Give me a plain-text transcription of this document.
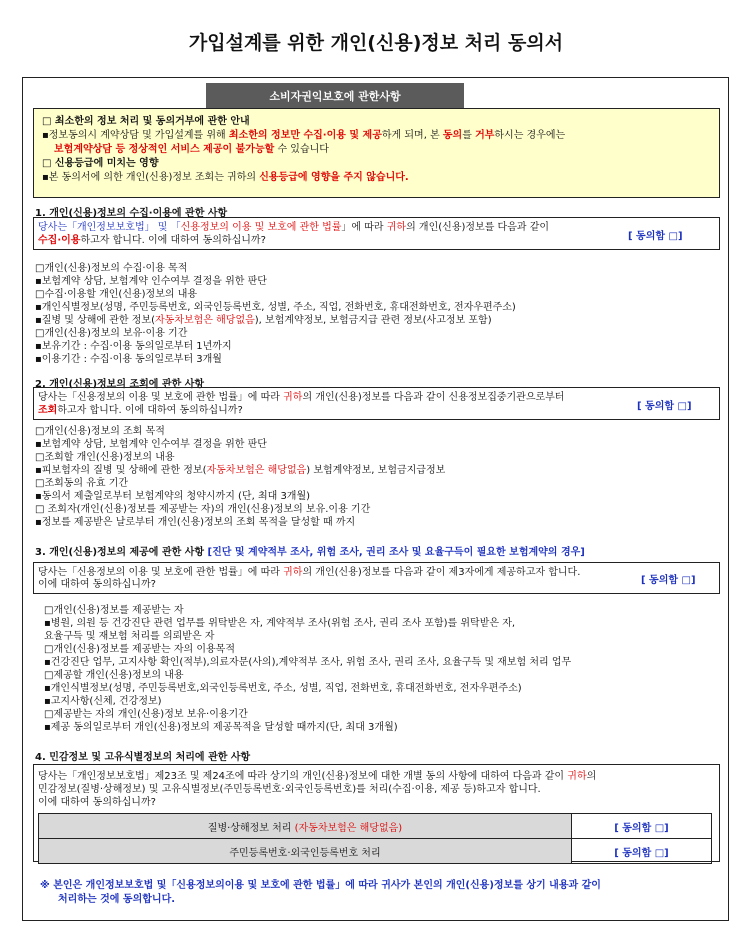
가입설계를 위한 개인(신용)정보 처리 동의서
소비자권익보호에 관한사항
□ 최소한의 정보 처리 및 동의거부에 관한 안내
▪정보동의시 계약상담 및 가입설계를 위해 최소한의 정보만 수집·이용 및 제공하게 되며, 본 동의를 거부하시는 경우에는
보험계약상담 등 정상적인 서비스 제공이 불가능할 수 있습니다
□ 신용등급에 미치는 영향
▪본 동의서에 의한 개인(신용)정보 조회는 귀하의 신용등급에 영향을 주지 않습니다.
1. 개인(신용)정보의 수집·이용에 관한 사항
당사는「개인정보보호법」 및 「신용정보의 이용 및 보호에 관한 법률」에 따라 귀하의 개인(신용)정보를 다음과 같이
수집·이용하고자 합니다. 이에 대하여 동의하십니까?	[ 동의함 □]
□개인(신용)정보의 수집·이용 목적
▪보험계약 상담, 보험계약 인수여부 결정을 위한 판단
□수집·이용할 개인(신용)정보의 내용
▪개인식별정보(성명, 주민등록번호, 외국인등록번호, 성별, 주소, 직업, 전화번호, 휴대전화번호, 전자우편주소)
▪질병 및 상해에 관한 정보(자동차보험은 해당없음), 보험계약정보, 보험금지급 관련 정보(사고정보 포함)
□개인(신용)정보의 보유·이용 기간
▪보유기간 : 수집·이용 동의일로부터 1년까지
▪이용기간 : 수집·이용 동의일로부터 3개월
2. 개인(신용)정보의 조회에 관한 사항
당사는「신용정보의 이용 및 보호에 관한 법률」에 따라 귀하의 개인(신용)정보를 다음과 같이 신용정보집중기관으로부터
조회하고자 합니다. 이에 대하여 동의하십니까?	[ 동의함 □]
□개인(신용)정보의 조회 목적
▪보험계약 상담, 보험계약 인수여부 결정을 위한 판단
□조회할 개인(신용)정보의 내용
▪피보험자의 질병 및 상해에 관한 정보(자동차보험은 해당없음) 보험계약정보, 보험금지급정보
□조회동의 유효 기간
▪동의서 제출일로부터 보험계약의 청약시까지 (단, 최대 3개월)
□ 조회자(개인(신용)정보를 제공받는 자)의 개인(신용)정보의 보유.이용 기간
▪정보를 제공받은 날로부터 개인(신용)정보의 조회 목적을 달성할 때 까지
3. 개인(신용)정보의 제공에 관한 사항 [진단 및 계약적부 조사, 위험 조사, 권리 조사 및 요율구득이 필요한 보험계약의 경우]
당사는「신용정보의 이용 및 보호에 관한 법률」에 따라 귀하의 개인(신용)정보를 다음과 같이 제3자에게 제공하고자 합니다.
이에 대하여 동의하십니까?	[ 동의함 □]
□개인(신용)정보를 제공받는 자
▪병원, 의원 등 건강진단 관련 업무를 위탁받은 자, 계약적부 조사(위험 조사, 권리 조사 포함)를 위탁받은 자,
요율구득 및 재보험 처리를 의뢰받은 자
□개인(신용)정보를 제공받는 자의 이용목적
▪건강진단 업무, 고지사항 확인(적부),의료자문(사의),계약적부 조사, 위험 조사, 권리 조사, 요율구득 및 재보험 처리 업무
□제공할 개인(신용)정보의 내용
▪개인식별정보(성명, 주민등록번호,외국인등록번호, 주소, 성별, 직업, 전화번호, 휴대전화번호, 전자우편주소)
▪고지사항(신체, 건강정보)
□제공받는 자의 개인(신용)정보 보유·이용기간
▪제공 동의일로부터 개인(신용)정보의 제공목적을 달성할 때까지(단, 최대 3개월)
4. 민감정보 및 고유식별정보의 처리에 관한 사항
당사는「개인정보보호법」제23조 및 제24조에 따라 상기의 개인(신용)정보에 대한 개별 동의 사항에 대하여 다음과 같이 귀하의
민감정보(질병·상해정보) 및 고유식별정보(주민등록번호·외국인등록번호)를 처리(수집·이용, 제공 등)하고자 합니다.
이에 대하여 동의하십니까?
질병·상해정보 처리 (자동차보험은 해당없음)	[ 동의함 □]
주민등록번호·외국인등록번호 처리	[ 동의함 □]
※ 본인은 개인정보보호법 및「신용정보의이용 및 보호에 관한 법률」에 따라 귀사가 본인의 개인(신용)정보를 상기 내용과 같이
처리하는 것에 동의합니다.
